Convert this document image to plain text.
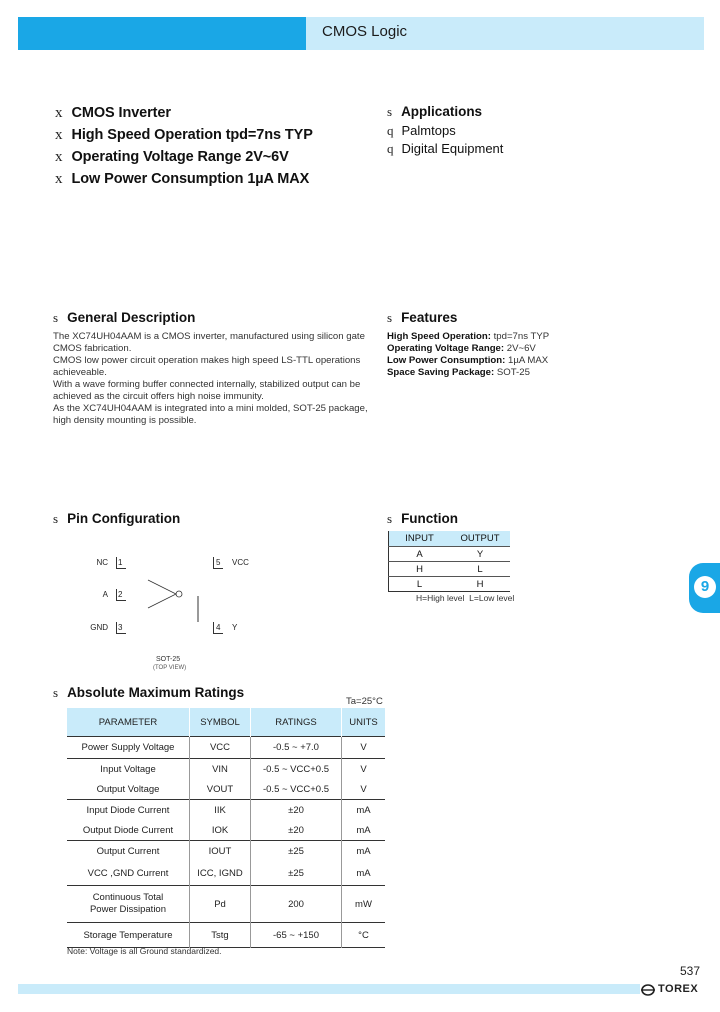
CMOS Logic
x CMOS Inverter
x High Speed Operation tpd=7ns TYP
x Operating Voltage Range 2V~6V
x Low Power Consumption 1µA MAX
s Applications
q Palmtops
q Digital Equipment
s General Description
The XC74UH04AAM is a CMOS inverter, manufactured using silicon gate
CMOS fabrication.
CMOS low power circuit operation makes high speed LS-TTL operations
achieveable.
With a wave forming buffer connected internally, stabilized output can be
achieved as the circuit offers high noise immunity.
As the XC74UH04AAM is integrated into a mini molded, SOT-25 package,
high density mounting is possible.
s Features
High Speed Operation: tpd=7ns TYP
Operating Voltage Range: 2V~6V
Low Power Consumption: 1µA MAX
Space Saving Package: SOT-25
s Pin Configuration
NC 1
A 2
GND 3
5 VCC
4 Y
SOT-25
(TOP VIEW)
s Function
INPUT	OUTPUT
A	Y
H	L
L	H
H=High level  L=Low level
s Absolute Maximum Ratings
Ta=25°C
PARAMETER	SYMBOL	RATINGS	UNITS
Power Supply Voltage	VCC	-0.5 ~ +7.0	V
Input Voltage	VIN	-0.5 ~ VCC+0.5	V
Output Voltage	VOUT	-0.5 ~ VCC+0.5	V
Input Diode Current	IIK	±20	mA
Output Diode Current	IOK	±20	mA
Output Current	IOUT	±25	mA
VCC ,GND Current	ICC, IGND	±25	mA

Continuous Total
Power Dissipation	Pd	200	mW
Storage Temperature	Tstg	-65 ~ +150	°C
Note: Voltage is all Ground standardized.
9
537
TOREX
